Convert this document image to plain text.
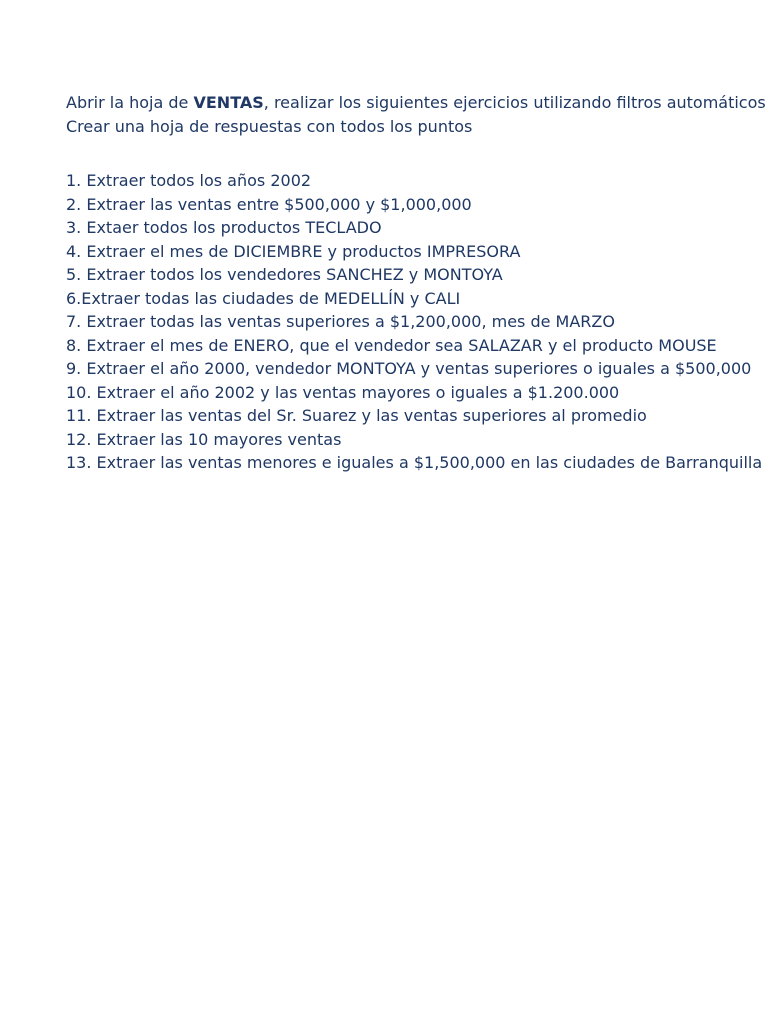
Abrir la hoja de VENTAS, realizar los siguientes ejercicios utilizando filtros automáticos
Crear una hoja de respuestas con todos los puntos
1. Extraer todos los años 2002
2. Extraer las ventas entre $500,000 y $1,000,000
3. Extaer todos los productos TECLADO
4. Extraer el mes de DICIEMBRE y productos IMPRESORA
5. Extraer todos los vendedores SANCHEZ y MONTOYA
6.Extraer todas las ciudades de MEDELLÍN y CALI
7. Extraer todas las ventas superiores a $1,200,000, mes de MARZO
8. Extraer el mes de ENERO, que el vendedor sea SALAZAR y el producto MOUSE
9. Extraer el año 2000, vendedor MONTOYA y ventas superiores o iguales a $500,000
10. Extraer el año 2002 y las ventas mayores o iguales a $1.200.000
11. Extraer las ventas del Sr. Suarez y las ventas superiores al promedio
12. Extraer las 10 mayores ventas
13. Extraer las ventas menores e iguales a $1,500,000 en las ciudades de Barranquilla
